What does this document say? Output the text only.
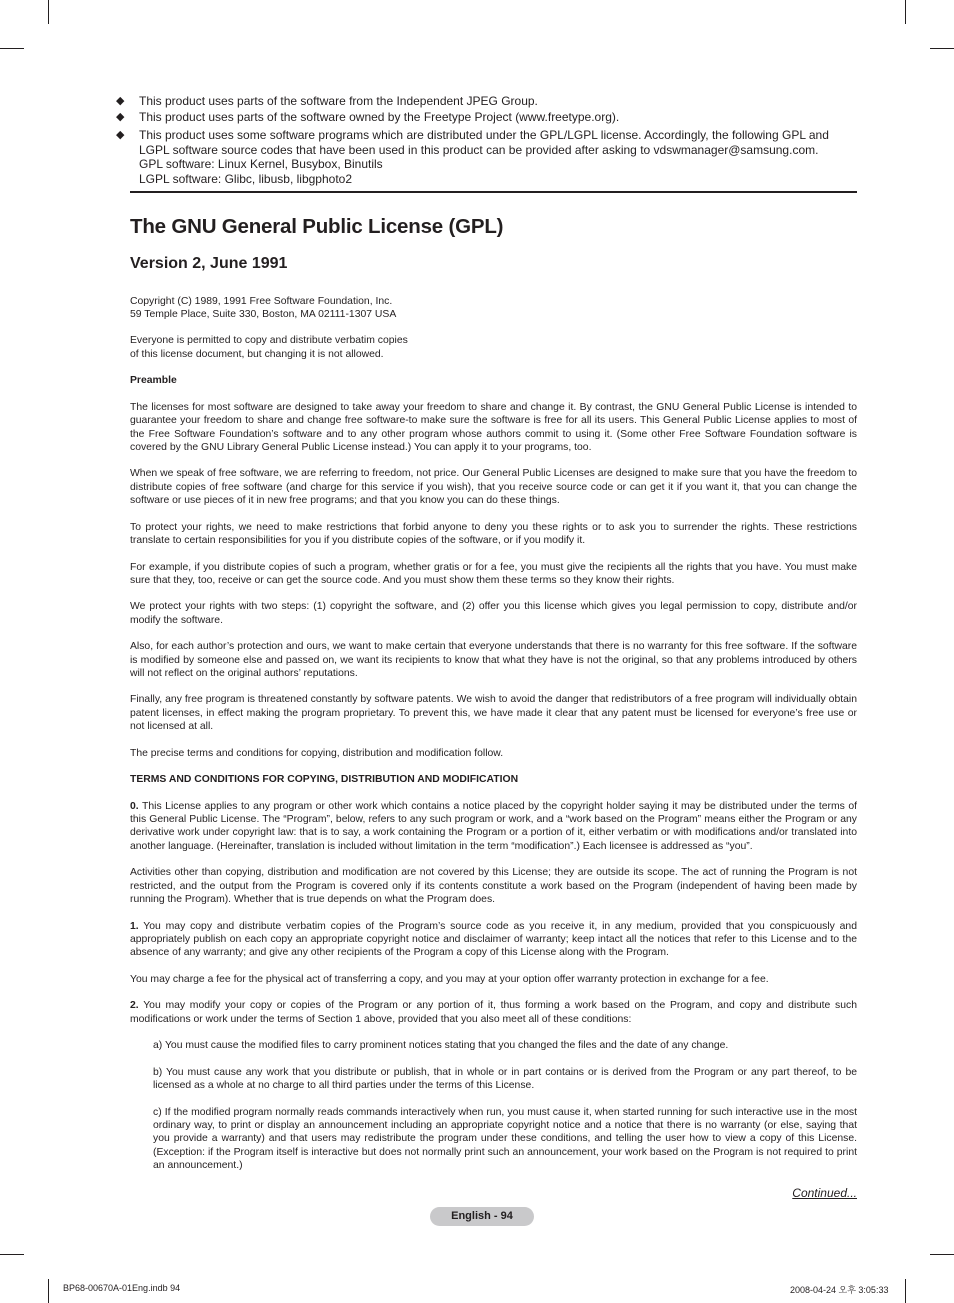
◆ This product uses parts of the software from the Independent JPEG Group.
◆ This product uses parts of the software owned by the Freetype Project (www.freetype.org).
◆ This product uses some software programs which are distributed under the GPL/LGPL license. Accordingly, the following GPL and
LGPL software source codes that have been used in this product can be provided after asking to vdswmanager@samsung.com.
GPL software: Linux Kernel, Busybox, Binutils
LGPL software: Glibc, libusb, libgphoto2
The GNU General Public License (GPL)
Version 2, June 1991

Copyright (C) 1989, 1991 Free Software Foundation, Inc.
59 Temple Place, Suite 330, Boston, MA 02111-1307 USA

Everyone is permitted to copy and distribute verbatim copies
of this license document, but changing it is not allowed.

Preamble

The licenses for most software are designed to take away your freedom to share and change it. By contrast, the GNU General Public License is intended to guarantee your freedom to share and change free software-to make sure the software is free for all its users. This General Public License applies to most of the Free Software Foundation’s software and to any other program whose authors commit to using it. (Some other Free Software Foundation software is covered by the GNU Library General Public License instead.) You can apply it to your programs, too.

When we speak of free software, we are referring to freedom, not price. Our General Public Licenses are designed to make sure that you have the freedom to distribute copies of free software (and charge for this service if you wish), that you receive source code or can get it if you want it, that you can change the software or use pieces of it in new free programs; and that you know you can do these things.

To protect your rights, we need to make restrictions that forbid anyone to deny you these rights or to ask you to surrender the rights. These restrictions translate to certain responsibilities for you if you distribute copies of the software, or if you modify it.

For example, if you distribute copies of such a program, whether gratis or for a fee, you must give the recipients all the rights that you have. You must make sure that they, too, receive or can get the source code. And you must show them these terms so they know their rights.

We protect your rights with two steps: (1) copyright the software, and (2) offer you this license which gives you legal permission to copy, distribute and/or modify the software.

Also, for each author’s protection and ours, we want to make certain that everyone understands that there is no warranty for this free software. If the software is modified by someone else and passed on, we want its recipients to know that what they have is not the original, so that any problems introduced by others will not reflect on the original authors’ reputations.

Finally, any free program is threatened constantly by software patents. We wish to avoid the danger that redistributors of a free program will individually obtain patent licenses, in effect making the program proprietary. To prevent this, we have made it clear that any patent must be licensed for everyone’s free use or not licensed at all.

The precise terms and conditions for copying, distribution and modification follow.

TERMS AND CONDITIONS FOR COPYING, DISTRIBUTION AND MODIFICATION

0. This License applies to any program or other work which contains a notice placed by the copyright holder saying it may be distributed under the terms of this General Public License. The “Program”, below, refers to any such program or work, and a “work based on the Program” means either the Program or any derivative work under copyright law: that is to say, a work containing the Program or a portion of it, either verbatim or with modifications and/or translated into another language. (Hereinafter, translation is included without limitation in the term “modification”.) Each licensee is addressed as “you”.

Activities other than copying, distribution and modification are not covered by this License; they are outside its scope. The act of running the Program is not restricted, and the output from the Program is covered only if its contents constitute a work based on the Program (independent of having been made by running the Program). Whether that is true depends on what the Program does.

1. You may copy and distribute verbatim copies of the Program’s source code as you receive it, in any medium, provided that you conspicuously and appropriately publish on each copy an appropriate copyright notice and disclaimer of warranty; keep intact all the notices that refer to this License and to the absence of any warranty; and give any other recipients of the Program a copy of this License along with the Program.

You may charge a fee for the physical act of transferring a copy, and you may at your option offer warranty protection in exchange for a fee.

2. You may modify your copy or copies of the Program or any portion of it, thus forming a work based on the Program, and copy and distribute such modifications or work under the terms of Section 1 above, provided that you also meet all of these conditions:

a) You must cause the modified files to carry prominent notices stating that you changed the files and the date of any change.

b) You must cause any work that you distribute or publish, that in whole or in part contains or is derived from the Program or any part thereof, to be licensed as a whole at no charge to all third parties under the terms of this License.

c) If the modified program normally reads commands interactively when run, you must cause it, when started running for such interactive use in the most ordinary way, to print or display an announcement including an appropriate copyright notice and a notice that there is no warranty (or else, saying that you provide a warranty) and that users may redistribute the program under these conditions, and telling the user how to view a copy of this License. (Exception: if the Program itself is interactive but does not normally print such an announcement, your work based on the Program is not required to print an announcement.)

Continued...
English - 94
BP68-00670A-01Eng.indb 94	2008-04-24 오후 3:05:33
